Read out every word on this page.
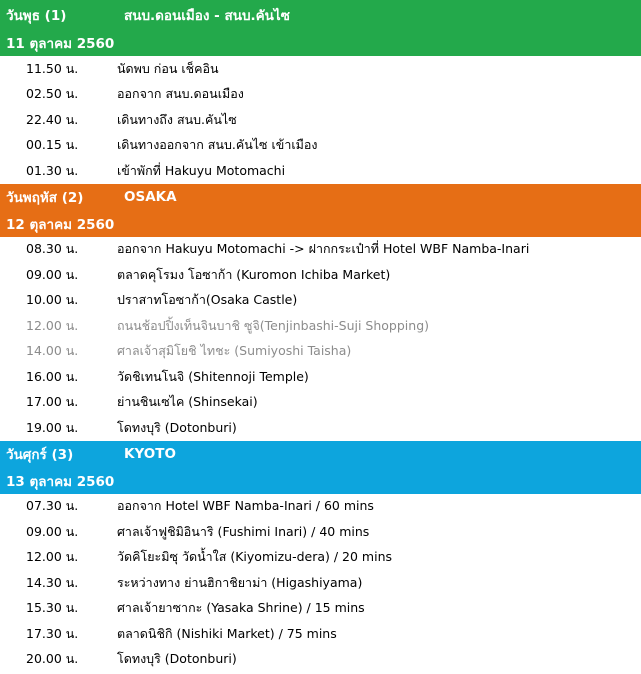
วันพุธ (1)	สนบ.ดอนเมือง - สนบ.คันไซ
11 ตุลาคม 2560
11.50 น.	นัดพบ ก่อน เช็คอิน
02.50 น.	ออกจาก สนบ.ดอนเมือง
22.40 น.	เดินทางถึง สนบ.คันไซ
00.15 น.	เดินทางออกจาก สนบ.คันไซ เข้าเมือง
01.30 น.	เข้าพักที่ Hakuyu Motomachi
วันพฤหัส (2)	OSAKA
12 ตุลาคม 2560
08.30 น.	ออกจาก Hakuyu Motomachi -> ฝากกระเป๋าที่ Hotel WBF Namba-Inari
09.00 น.	ตลาดคุโรมง โอซาก้า (Kuromon Ichiba Market)
10.00 น.	ปราสาทโอซาก้า(Osaka Castle)
12.00 น.	ถนนช้อปปิ้งเท็นจินบาชิ ซูจิ(Tenjinbashi-Suji Shopping)
14.00 น.	ศาลเจ้าสุมิโยชิ ไทชะ (Sumiyoshi Taisha)
16.00 น.	วัดชิเทนโนจิ (Shitennoji Temple)
17.00 น.	ย่านชินเซไค (Shinsekai)
19.00 น.	โดทงบุริ (Dotonburi)
วันศุกร์ (3)	KYOTO
13 ตุลาคม 2560
07.30 น.	ออกจาก Hotel WBF Namba-Inari / 60 mins
09.00 น.	ศาลเจ้าฟูชิมิอินาริ (Fushimi Inari) / 40 mins
12.00 น.	วัดคิโยะมิซุ วัดน้ำใส (Kiyomizu-dera) / 20 mins
14.30 น.	ระหว่างทาง ย่านฮิกาชิยาม่า (Higashiyama)
15.30 น.	ศาลเจ้ายาซากะ (Yasaka Shrine) / 15 mins
17.30 น.	ตลาดนิชิกิ (Nishiki Market) / 75 mins
20.00 น.	โดทงบุริ (Dotonburi)
